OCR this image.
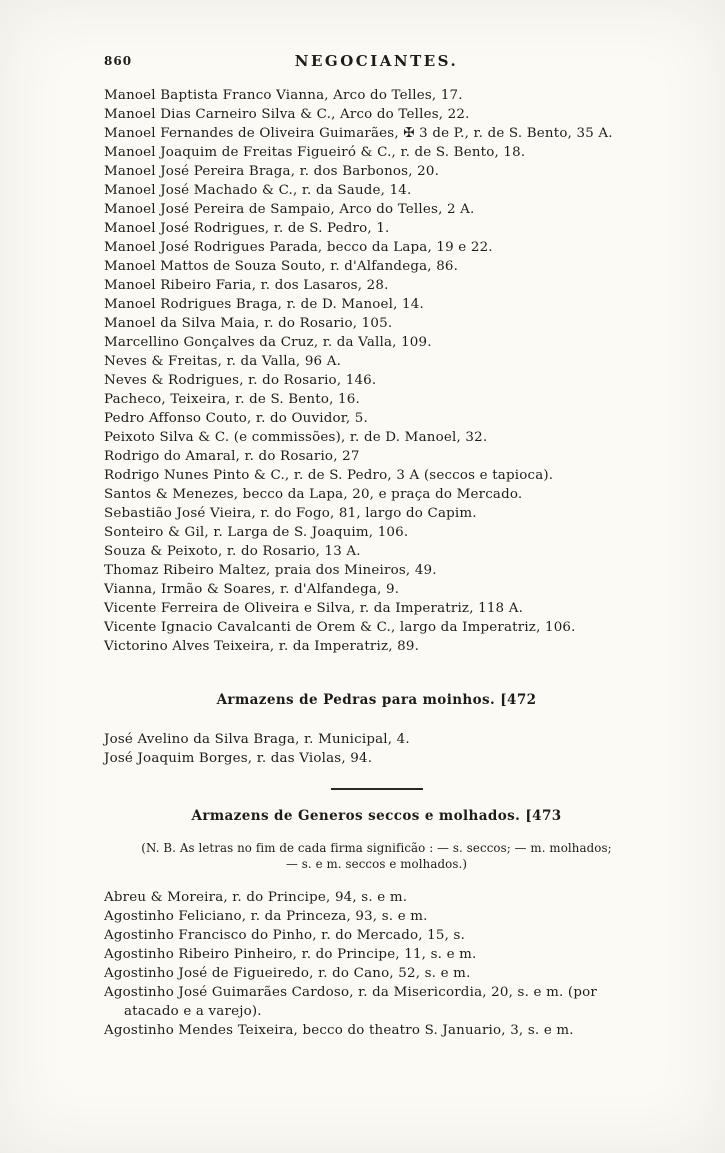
860	NEGOCIANTES.
Manoel Baptista Franco Vianna, Arco do Telles, 17.
Manoel Dias Carneiro Silva & C., Arco do Telles, 22.
Manoel Fernandes de Oliveira Guimarães, ✠ 3 de P., r. de S. Bento, 35 A.
Manoel Joaquim de Freitas Figueiró & C., r. de S. Bento, 18.
Manoel José Pereira Braga, r. dos Barbonos, 20.
Manoel José Machado & C., r. da Saude, 14.
Manoel José Pereira de Sampaio, Arco do Telles, 2 A.
Manoel José Rodrigues, r. de S. Pedro, 1.
Manoel José Rodrigues Parada, becco da Lapa, 19 e 22.
Manoel Mattos de Souza Souto, r. d'Alfandega, 86.
Manoel Ribeiro Faria, r. dos Lasaros, 28.
Manoel Rodrigues Braga, r. de D. Manoel, 14.
Manoel da Silva Maia, r. do Rosario, 105.
Marcellino Gonçalves da Cruz, r. da Valla, 109.
Neves & Freitas, r. da Valla, 96 A.
Neves & Rodrigues, r. do Rosario, 146.
Pacheco, Teixeira, r. de S. Bento, 16.
Pedro Affonso Couto, r. do Ouvidor, 5.
Peixoto Silva & C. (e commissões), r. de D. Manoel, 32.
Rodrigo do Amaral, r. do Rosario, 27
Rodrigo Nunes Pinto & C., r. de S. Pedro, 3 A (seccos e tapioca).
Santos & Menezes, becco da Lapa, 20, e praça do Mercado.
Sebastião José Vieira, r. do Fogo, 81, largo do Capim.
Sonteiro & Gil, r. Larga de S. Joaquim, 106.
Souza & Peixoto, r. do Rosario, 13 A.
Thomaz Ribeiro Maltez, praia dos Mineiros, 49.
Vianna, Irmão & Soares, r. d'Alfandega, 9.
Vicente Ferreira de Oliveira e Silva, r. da Imperatriz, 118 A.
Vicente Ignacio Cavalcanti de Orem & C., largo da Imperatriz, 106.
Victorino Alves Teixeira, r. da Imperatriz, 89.
Armazens de Pedras para moinhos. [472
José Avelino da Silva Braga, r. Municipal, 4.
José Joaquim Borges, r. das Violas, 94.
Armazens de Generos seccos e molhados. [473
(N. B. As letras no fim de cada firma significão : — s. seccos; — m. molhados;
— s. e m. seccos e molhados.)
Abreu & Moreira, r. do Principe, 94, s. e m.
Agostinho Feliciano, r. da Princeza, 93, s. e m.
Agostinho Francisco do Pinho, r. do Mercado, 15, s.
Agostinho Ribeiro Pinheiro, r. do Principe, 11, s. e m.
Agostinho José de Figueiredo, r. do Cano, 52, s. e m.
Agostinho José Guimarães Cardoso, r. da Misericordia, 20, s. e m. (por atacado e a varejo).
Agostinho Mendes Teixeira, becco do theatro S. Januario, 3, s. e m.
